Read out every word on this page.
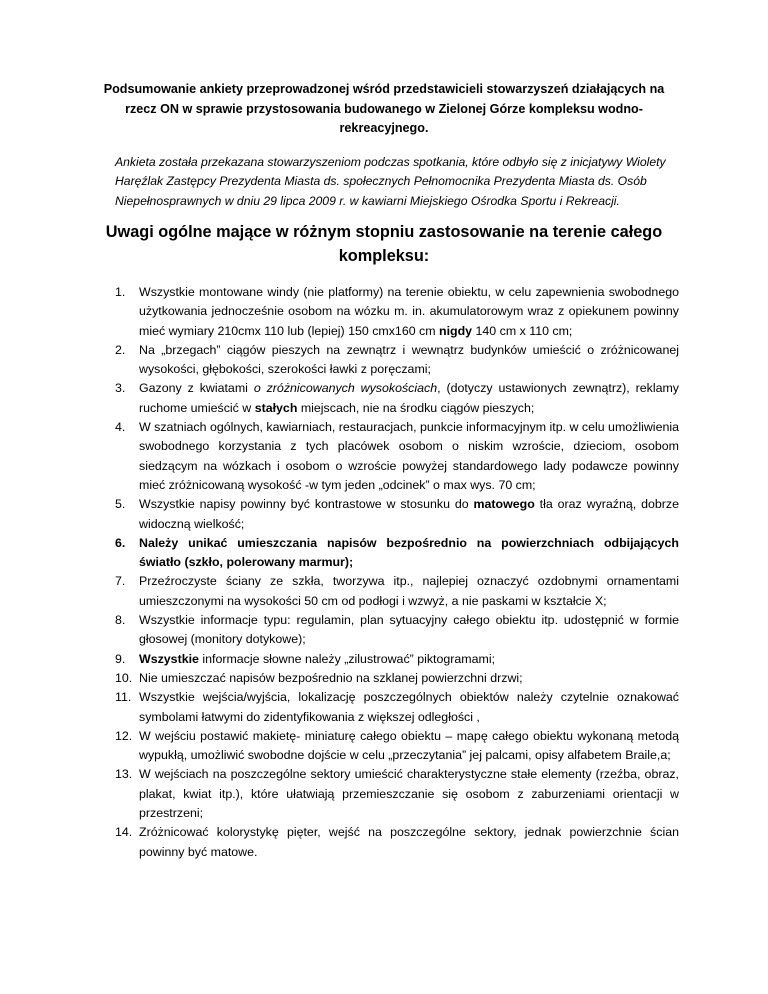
Podsumowanie ankiety przeprowadzonej wśród przedstawicieli stowarzyszeń działających na rzecz ON w sprawie przystosowania budowanego w Zielonej Górze kompleksu wodno-rekreacyjnego.
Ankieta została przekazana stowarzyszeniom podczas spotkania, które odbyło się z inicjatywy Wiolety Haręźlak Zastępcy Prezydenta Miasta ds. społecznych Pełnomocnika Prezydenta Miasta ds. Osób Niepełnosprawnych w dniu 29 lipca 2009 r. w kawiarni Miejskiego Ośrodka Sportu i Rekreacji.
Uwagi ogólne mające w różnym stopniu zastosowanie na terenie całego kompleksu:
1.	Wszystkie montowane windy (nie platformy) na terenie obiektu, w celu zapewnienia swobodnego użytkowania jednocześnie osobom na wózku m. in. akumulatorowym wraz z opiekunem powinny mieć wymiary 210cmx 110 lub (lepiej) 150 cmx160 cm nigdy 140 cm x 110 cm;
2.	Na „brzegach” ciągów pieszych na zewnątrz i wewnątrz budynków umieścić o zróżnicowanej wysokości, głębokości, szerokości ławki z poręczami;
3.	Gazony z kwiatami o zróżnicowanych wysokościach, (dotyczy ustawionych zewnątrz), reklamy ruchome umieścić w stałych miejscach, nie na środku ciągów pieszych;
4.	W szatniach ogólnych, kawiarniach, restauracjach, punkcie informacyjnym itp. w celu umożliwienia swobodnego korzystania z tych placówek osobom o niskim wzroście, dzieciom, osobom siedzącym na wózkach i osobom o wzroście powyżej standardowego lady podawcze powinny mieć zróżnicowaną wysokość -w tym jeden „odcinek” o max wys. 70 cm;
5.	Wszystkie napisy powinny być kontrastowe w stosunku do matowego tła oraz wyraźną, dobrze widoczną wielkość;
6.	Należy unikać umieszczania napisów bezpośrednio na powierzchniach odbijających światło (szkło, polerowany marmur);
7.	Przeźroczyste ściany ze szkła, tworzywa itp., najlepiej oznaczyć ozdobnymi ornamentami umieszczonymi na wysokości 50 cm od podłogi i wzwyż, a nie paskami w kształcie X;
8.	Wszystkie informacje typu: regulamin, plan sytuacyjny całego obiektu itp. udostępnić w formie głosowej (monitory dotykowe);
9.	Wszystkie informacje słowne należy „zilustrować” piktogramami;
10. Nie umieszczać napisów bezpośrednio na szklanej powierzchni drzwi;
11. Wszystkie wejścia/wyjścia, lokalizację poszczególnych obiektów należy czytelnie oznakować symbolami łatwymi do zidentyfikowania z większej odległości ,
12. W wejściu postawić makietę- miniaturę całego obiektu – mapę całego obiektu wykonaną metodą wypukłą, umożliwić swobodne dojście w celu „przeczytania” jej palcami, opisy alfabetem Braile,a;
13. W wejściach na poszczególne sektory umieścić charakterystyczne stałe elementy (rzeźba, obraz, plakat, kwiat itp.), które ułatwiają przemieszczanie się osobom z zaburzeniami orientacji w przestrzeni;
14. Zróżnicować kolorystykę pięter, wejść na poszczególne sektory, jednak powierzchnie ścian powinny być matowe.
